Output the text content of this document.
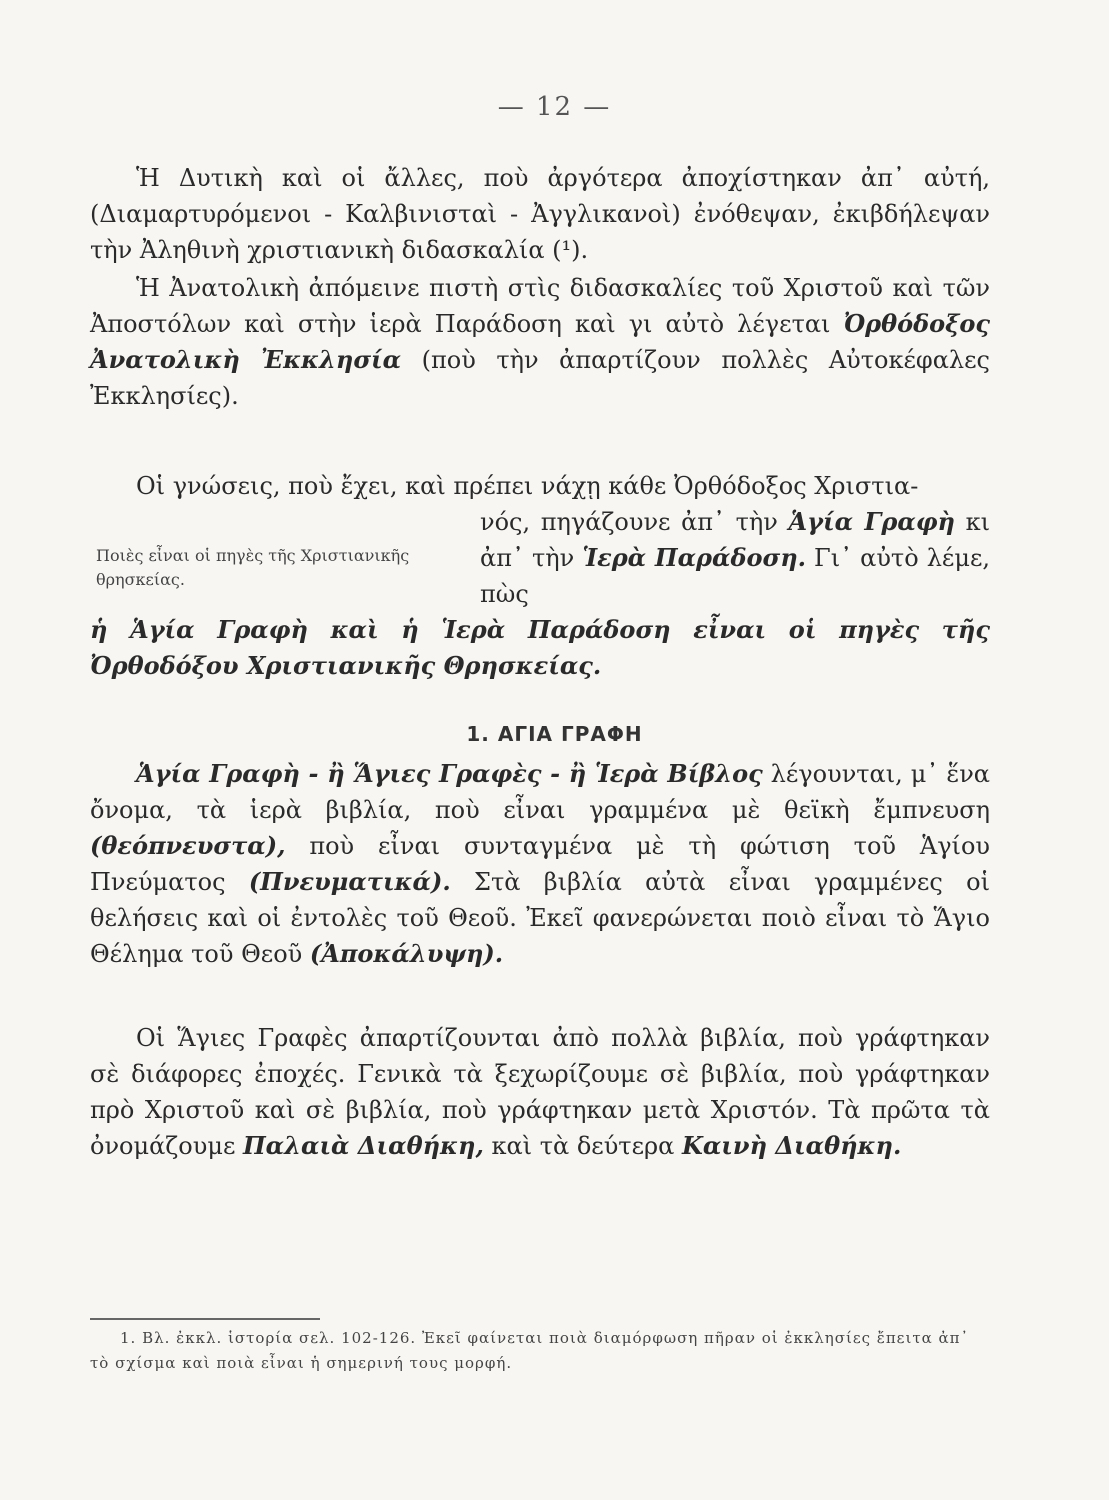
— 12 —
Ἡ Δυτικὴ καὶ οἱ ἄλλες, ποὺ ἀργότερα ἀποχίστηκαν ἀπ᾽ αὐτή, (Διαμαρτυρόμενοι - Καλβινισταὶ - Ἀγγλικανοὶ) ἐνόθεψαν, ἐκιβδήλεψαν τὴν Ἀληθινὴ χριστιανικὴ διδασκαλία (¹).
Ἡ Ἀνατολικὴ ἀπόμεινε πιστὴ στὶς διδασκαλίες τοῦ Χριστοῦ καὶ τῶν Ἀποστόλων καὶ στὴν ἱερὰ Παράδοση καὶ γι αὐτὸ λέγεται Ὀρθόδοξος Ἀνατολικὴ Ἐκκλησία (ποὺ τὴν ἀπαρτίζουν πολλὲς Αὐτοκέφαλες Ἐκκλησίες).
Οἱ γνώσεις, ποὺ ἔχει, καὶ πρέπει νάχῃ κάθε Ὀρθόδοξος Χριστια-
νός, πηγάζουνε ἀπ᾽ τὴν Ἁγία Γραφὴ κι ἀπ᾽ τὴν Ἱερὰ Παράδοση. Γι᾽ αὐτὸ λέμε, πὼς
Ποιὲς εἶναι οἱ πηγὲς τῆς Χριστιανικῆς θρησκείας.
ἡ Ἁγία Γραφὴ καὶ ἡ Ἱερὰ Παράδοση εἶναι οἱ πηγὲς τῆς Ὀρθοδόξου Χριστιανικῆς Θρησκείας.
1. ΑΓΙΑ ΓΡΑΦΗ
Ἁγία Γραφὴ - ἢ Ἅγιες Γραφὲς - ἢ Ἱερὰ Βίβλος λέγουνται, μ᾽ ἕνα ὄνομα, τὰ ἱερὰ βιβλία, ποὺ εἶναι γραμμένα μὲ θεϊκὴ ἔμπνευση (θεόπνευστα), ποὺ εἶναι συνταγμένα μὲ τὴ φώτιση τοῦ Ἁγίου Πνεύματος (Πνευματικά). Στὰ βιβλία αὐτὰ εἶναι γραμμένες οἱ θελήσεις καὶ οἱ ἐντολὲς τοῦ Θεοῦ. Ἐκεῖ φανερώνεται ποιὸ εἶναι τὸ Ἅγιο Θέλημα τοῦ Θεοῦ (Ἀποκάλυψη).
Οἱ Ἅγιες Γραφὲς ἀπαρτίζουνται ἀπὸ πολλὰ βιβλία, ποὺ γράφτηκαν σὲ διάφορες ἐποχές. Γενικὰ τὰ ξεχωρίζουμε σὲ βιβλία, ποὺ γράφτηκαν πρὸ Χριστοῦ καὶ σὲ βιβλία, ποὺ γράφτηκαν μετὰ Χριστόν. Τὰ πρῶτα τὰ ὀνομάζουμε Παλαιὰ Διαθήκη, καὶ τὰ δεύτερα Καινὴ Διαθήκη.
1. Βλ. ἐκκλ. ἱστορία σελ. 102-126. Ἐκεῖ φαίνεται ποιὰ διαμόρφωση πῆραν οἱ ἐκκλησίες ἔπειτα ἀπ᾽ τὸ σχίσμα καὶ ποιὰ εἶναι ἡ σημερινή τους μορφή.
